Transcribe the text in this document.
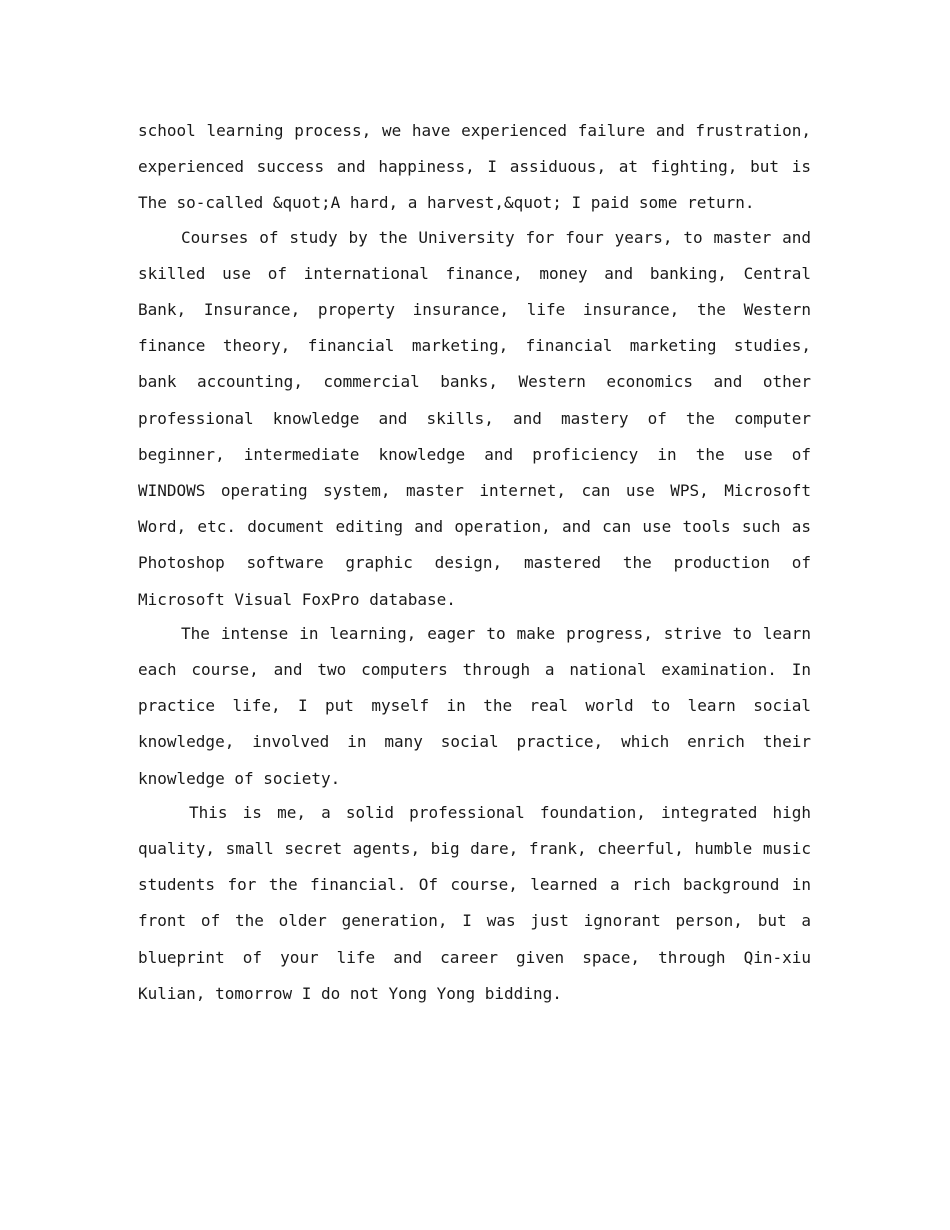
school learning process, we have experienced failure and frustration, experienced success and happiness, I assiduous, at fighting, but is The so-called &quot;A hard, a harvest,&quot; I paid some return.

Courses of study by the University for four years, to master and skilled use of international finance, money and banking, Central Bank, Insurance, property insurance, life insurance, the Western finance theory, financial marketing, financial marketing studies, bank accounting, commercial banks, Western economics and other professional knowledge and skills, and mastery of the computer beginner, intermediate knowledge and proficiency in the use of WINDOWS operating system, master internet, can use WPS, Microsoft Word, etc. document editing and operation, and can use tools such as Photoshop software graphic design, mastered the production of Microsoft Visual FoxPro database.

The intense in learning, eager to make progress, strive to learn each course, and two computers through a national examination. In practice life, I put myself in the real world to learn social knowledge, involved in many social practice, which enrich their knowledge of society.

This is me, a solid professional foundation, integrated high quality, small secret agents, big dare, frank, cheerful, humble music students for the financial. Of course, learned a rich background in front of the older generation, I was just ignorant person, but a blueprint of your life and career given space, through Qin-xiu Kulian, tomorrow I do not Yong Yong bidding.
